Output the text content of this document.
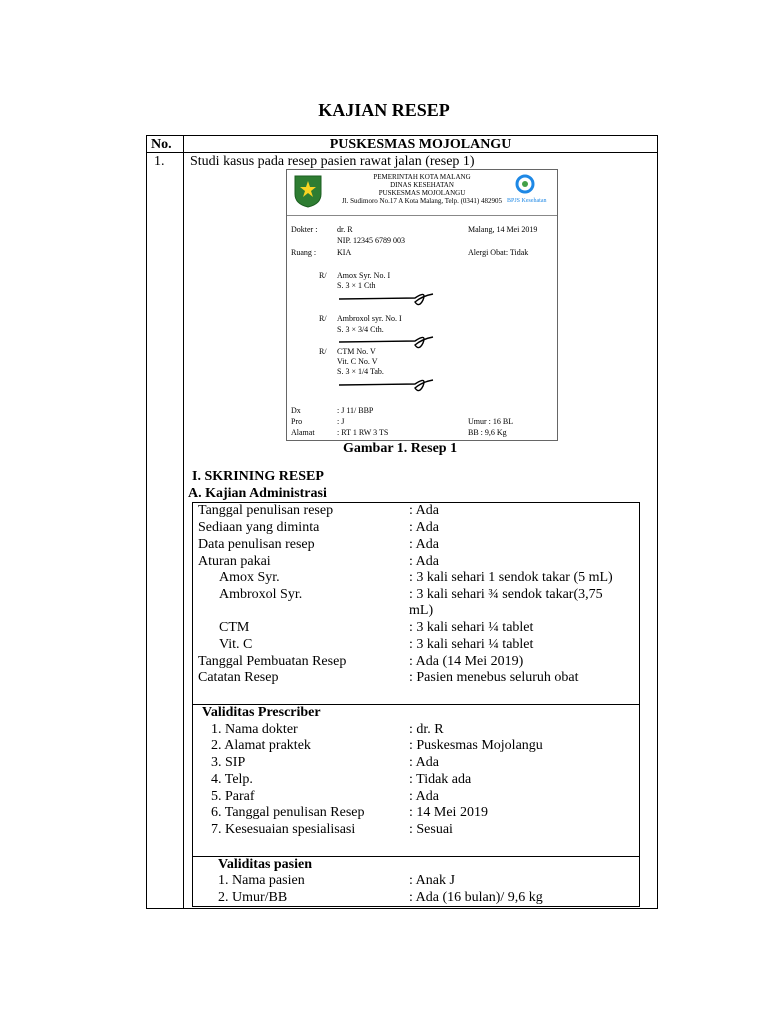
KAJIAN RESEP
No.	PUSKESMAS MOJOLANGU
1. Studi kasus pada resep pasien rawat jalan (resep 1)
PEMERINTAH KOTA MALANG
DINAS KESEHATAN
PUSKESMAS MOJOLANGU
Jl. Sudimoro No.17 A Kota Malang, Telp. (0341) 482905 BPJS Kesehatan
Dokter : dr. R	Malang, 14 Mei 2019
NIP. 12345 6789 003
Ruang :	KIA	Alergi Obat: Tidak
R/ Amox Syr. No. I
S. 3 × 1 Cth
R/ Ambroxol syr. No. I
S. 3 × 3/4 Cth.
R/ CTM No. V
Vit. C No. V
S. 3 × 1/4 Tab.
Dx	: J 11/ BBP
Pro	: J	Umur : 16 BL
Alamat	: RT 1 RW 3 TS	BB : 9,6 Kg
Gambar 1. Resep 1
I. SKRINING RESEP
A. Kajian Administrasi
Tanggal penulisan resep	: Ada
Sediaan yang diminta	: Ada
Data penulisan resep	: Ada
Aturan pakai	: Ada
Amox Syr.	: 3 kali sehari 1 sendok takar (5 mL)
Ambroxol Syr.	: 3 kali sehari ¾ sendok takar(3,75
mL)
CTM	: 3 kali sehari ¼ tablet
Vit. C	: 3 kali sehari ¼ tablet
Tanggal Pembuatan Resep	: Ada (14 Mei 2019)
Catatan Resep	: Pasien menebus seluruh obat
Validitas Prescriber
1. Nama dokter	: dr. R
2. Alamat praktek	: Puskesmas Mojolangu
3. SIP	: Ada
4. Telp.	: Tidak ada
5. Paraf	: Ada
6. Tanggal penulisan Resep	: 14 Mei 2019
7. Kesesuaian spesialisasi	: Sesuai
Validitas pasien
1. Nama pasien	: Anak J
2. Umur/BB	: Ada (16 bulan)/ 9,6 kg
